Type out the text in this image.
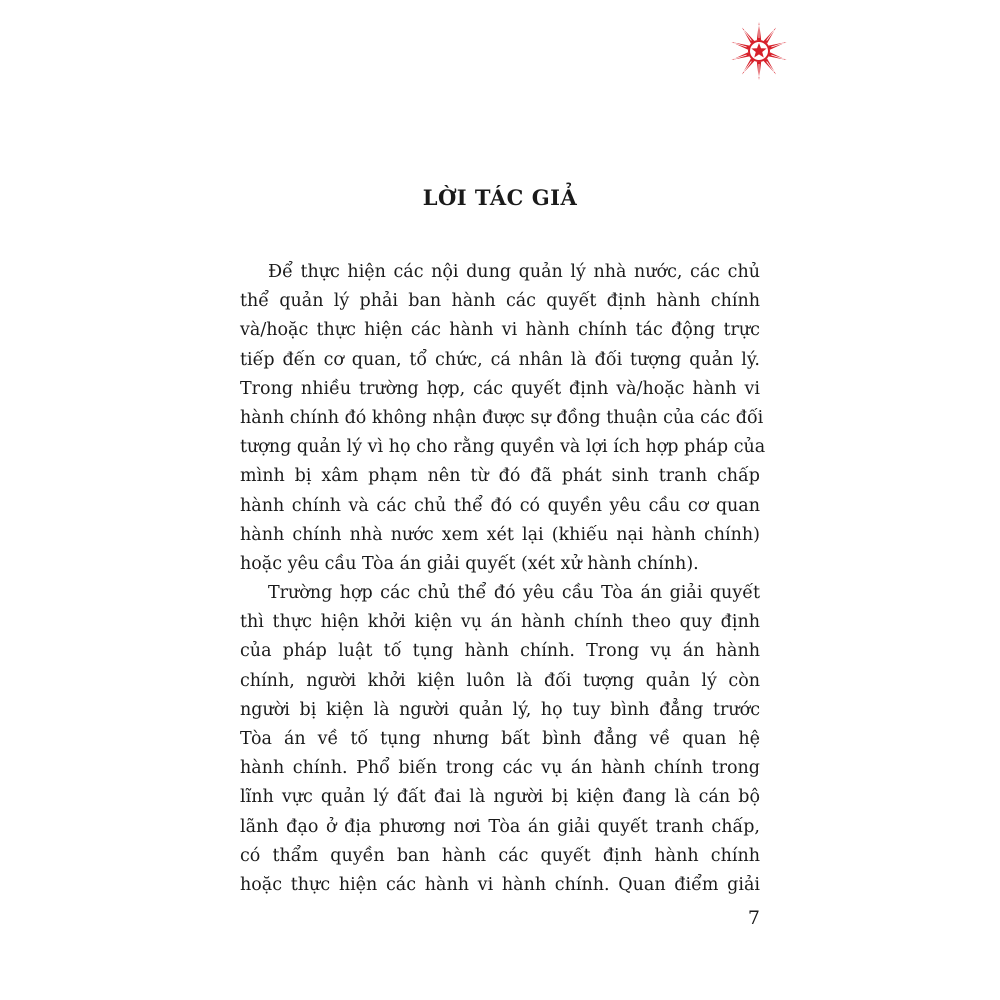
LỜI TÁC GIẢ

Để thực hiện các nội dung quản lý nhà nước, các chủ
thể quản lý phải ban hành các quyết định hành chính
và/hoặc thực hiện các hành vi hành chính tác động trực
tiếp đến cơ quan, tổ chức, cá nhân là đối tượng quản lý.
Trong nhiều trường hợp, các quyết định và/hoặc hành vi
hành chính đó không nhận được sự đồng thuận của các đối
tượng quản lý vì họ cho rằng quyền và lợi ích hợp pháp của
mình bị xâm phạm nên từ đó đã phát sinh tranh chấp
hành chính và các chủ thể đó có quyền yêu cầu cơ quan
hành chính nhà nước xem xét lại (khiếu nại hành chính)
hoặc yêu cầu Tòa án giải quyết (xét xử hành chính).

Trường hợp các chủ thể đó yêu cầu Tòa án giải quyết
thì thực hiện khởi kiện vụ án hành chính theo quy định
của pháp luật tố tụng hành chính. Trong vụ án hành
chính, người khởi kiện luôn là đối tượng quản lý còn
người bị kiện là người quản lý, họ tuy bình đẳng trước
Tòa án về tố tụng nhưng bất bình đẳng về quan hệ
hành chính. Phổ biến trong các vụ án hành chính trong
lĩnh vực quản lý đất đai là người bị kiện đang là cán bộ
lãnh đạo ở địa phương nơi Tòa án giải quyết tranh chấp,
có thẩm quyền ban hành các quyết định hành chính
hoặc thực hiện các hành vi hành chính. Quan điểm giải

7
